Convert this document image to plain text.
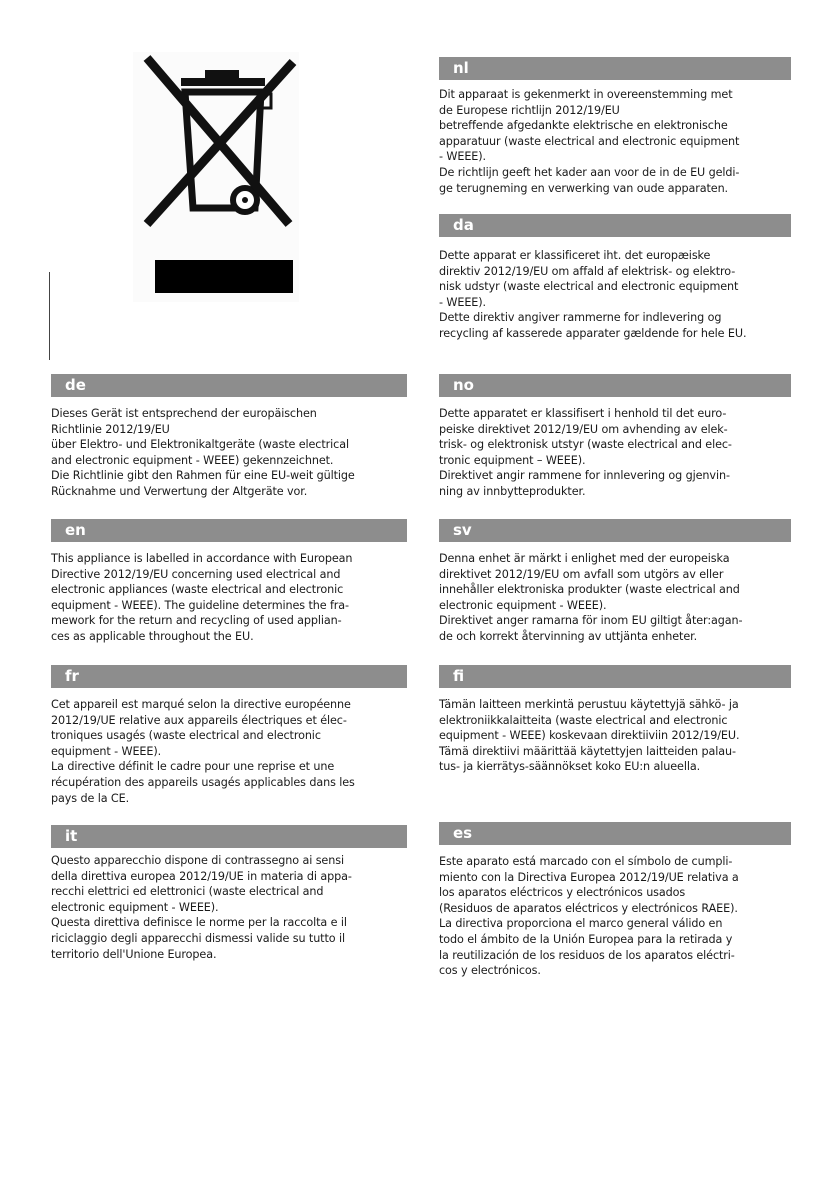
nl
Dit apparaat is gekenmerkt in overeenstemming met
de Europese richtlijn 2012/19/EU
betreffende afgedankte elektrische en elektronische
apparatuur (waste electrical and electronic equipment
- WEEE).
De richtlijn geeft het kader aan voor de in de EU geldi-
ge terugneming en verwerking van oude apparaten.
da
Dette apparat er klassificeret iht. det europæiske
direktiv 2012/19/EU om affald af elektrisk- og elektro-
nisk udstyr (waste electrical and electronic equipment
- WEEE).
Dette direktiv angiver rammerne for indlevering og
recycling af kasserede apparater gældende for hele EU.
no
Dette apparatet er klassifisert i henhold til det euro-
peiske direktivet 2012/19/EU om avhending av elek-
trisk- og elektronisk utstyr (waste electrical and elec-
tronic equipment – WEEE).
Direktivet angir rammene for innlevering og gjenvin-
ning av innbytteprodukter.
sv
Denna enhet är märkt i enlighet med der europeiska
direktivet 2012/19/EU om avfall som utgörs av eller
innehåller elektroniska produkter (waste electrical and
electronic equipment - WEEE).
Direktivet anger ramarna för inom EU giltigt åter:agan-
de och korrekt återvinning av uttjänta enheter.
fi
Tämän laitteen merkintä perustuu käytettyjä sähkö- ja
elektroniikkalaitteita (waste electrical and electronic
equipment - WEEE) koskevaan direktiiviin 2012/19/EU.
Tämä direktiivi määrittää käytettyjen laitteiden palau-
tus- ja kierrätys-säännökset koko EU:n alueella.
es
Este aparato está marcado con el símbolo de cumpli-
miento con la Directiva Europea 2012/19/UE relativa a
los aparatos eléctricos y electrónicos usados
(Residuos de aparatos eléctricos y electrónicos RAEE).
La directiva proporciona el marco general válido en
todo el ámbito de la Unión Europea para la retirada y
la reutilización de los residuos de los aparatos eléctri-
cos y electrónicos.
de
Dieses Gerät ist entsprechend der europäischen
Richtlinie 2012/19/EU
über Elektro- und Elektronikaltgeräte (waste electrical
and electronic equipment - WEEE) gekennzeichnet.
Die Richtlinie gibt den Rahmen für eine EU-weit gültige
Rücknahme und Verwertung der Altgeräte vor.
en
This appliance is labelled in accordance with European
Directive 2012/19/EU concerning used electrical and
electronic appliances (waste electrical and electronic
equipment - WEEE). The guideline determines the fra-
mework for the return and recycling of used applian-
ces as applicable throughout the EU.
fr
Cet appareil est marqué selon la directive européenne
2012/19/UE relative aux appareils électriques et élec-
troniques usagés (waste electrical and electronic
equipment - WEEE).
La directive définit le cadre pour une reprise et une
récupération des appareils usagés applicables dans les
pays de la CE.
it
Questo apparecchio dispone di contrassegno ai sensi
della direttiva europea 2012/19/UE in materia di appa-
recchi elettrici ed elettronici (waste electrical and
electronic equipment - WEEE).
Questa direttiva definisce le norme per la raccolta e il
riciclaggio degli apparecchi dismessi valide su tutto il
territorio dell'Unione Europea.
